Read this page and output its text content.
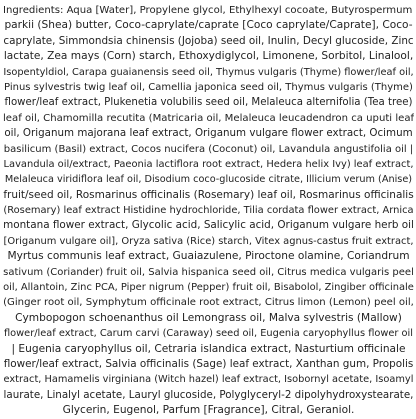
Ingredients: Aqua [Water], Propylene glycol, Ethylhexyl cocoate, Butyrospermum
parkii (Shea) butter, Coco-caprylate/caprate [Coco caprylate/Caprate], Coco-
caprylate, Simmondsia chinensis (Jojoba) seed oil, Inulin, Decyl glucoside, Zinc
lactate, Zea mays (Corn) starch, Ethoxydiglycol, Limonene, Sorbitol, Linalool,
Isopentyldiol, Carapa guaianensis seed oil, Thymus vulgaris (Thyme) flower/leaf oil,
Pinus sylvestris twig leaf oil, Camellia japonica seed oil, Thymus vulgaris (Thyme)
flower/leaf extract, Plukenetia volubilis seed oil, Melaleuca alternifolia (Tea tree)
leaf oil, Chamomilla recutita (Matricaria oil, Melaleuca leucadendron ca uputi leaf
oil, Origanum majorana leaf extract, Origanum vulgare flower extract, Ocimum
basilicum (Basil) extract, Cocos nucifera (Coconut) oil, Lavandula angustifolia oil |
Lavandula oil/extract, Paeonia lactiflora root extract, Hedera helix Ivy) leaf extract,
Melaleuca viridiflora leaf oil, Disodium coco-glucoside citrate, Illicium verum (Anise)
fruit/seed oil, Rosmarinus officinalis (Rosemary) leaf oil, Rosmarinus officinalis
(Rosemary) leaf extract Histidine hydrochloride, Tilia cordata flower extract, Arnica
montana flower extract, Glycolic acid, Salicylic acid, Origanum vulgare herb oil
[Origanum vulgare oil], Oryza sativa (Rice) starch, Vitex agnus-castus fruit extract,
Myrtus communis leaf extract, Guaiazulene, Piroctone olamine, Coriandrum
sativum (Coriander) fruit oil, Salvia hispanica seed oil, Citrus medica vulgaris peel
oil, Allantoin, Zinc PCA, Piper nigrum (Pepper) fruit oil, Bisabolol, Zingiber officinale
(Ginger root oil, Symphytum officinale root extract, Citrus limon (Lemon) peel oil,
Cymbopogon schoenanthus oil Lemongrass oil, Malva sylvestris (Mallow)
flower/leaf extract, Carum carvi (Caraway) seed oil, Eugenia caryophyllus flower oil
| Eugenia caryophyllus oil, Cetraria islandica extract, Nasturtium officinale
flower/leaf extract, Salvia officinalis (Sage) leaf extract, Xanthan gum, Propolis
extract, Hamamelis virginiana (Witch hazel) leaf extract, Isobornyl acetate, Isoamyl
laurate, Linalyl acetate, Lauryl glucoside, Polyglyceryl-2 dipolyhydroxystearate,
Glycerin, Eugenol, Parfum [Fragrance], Citral, Geraniol.
